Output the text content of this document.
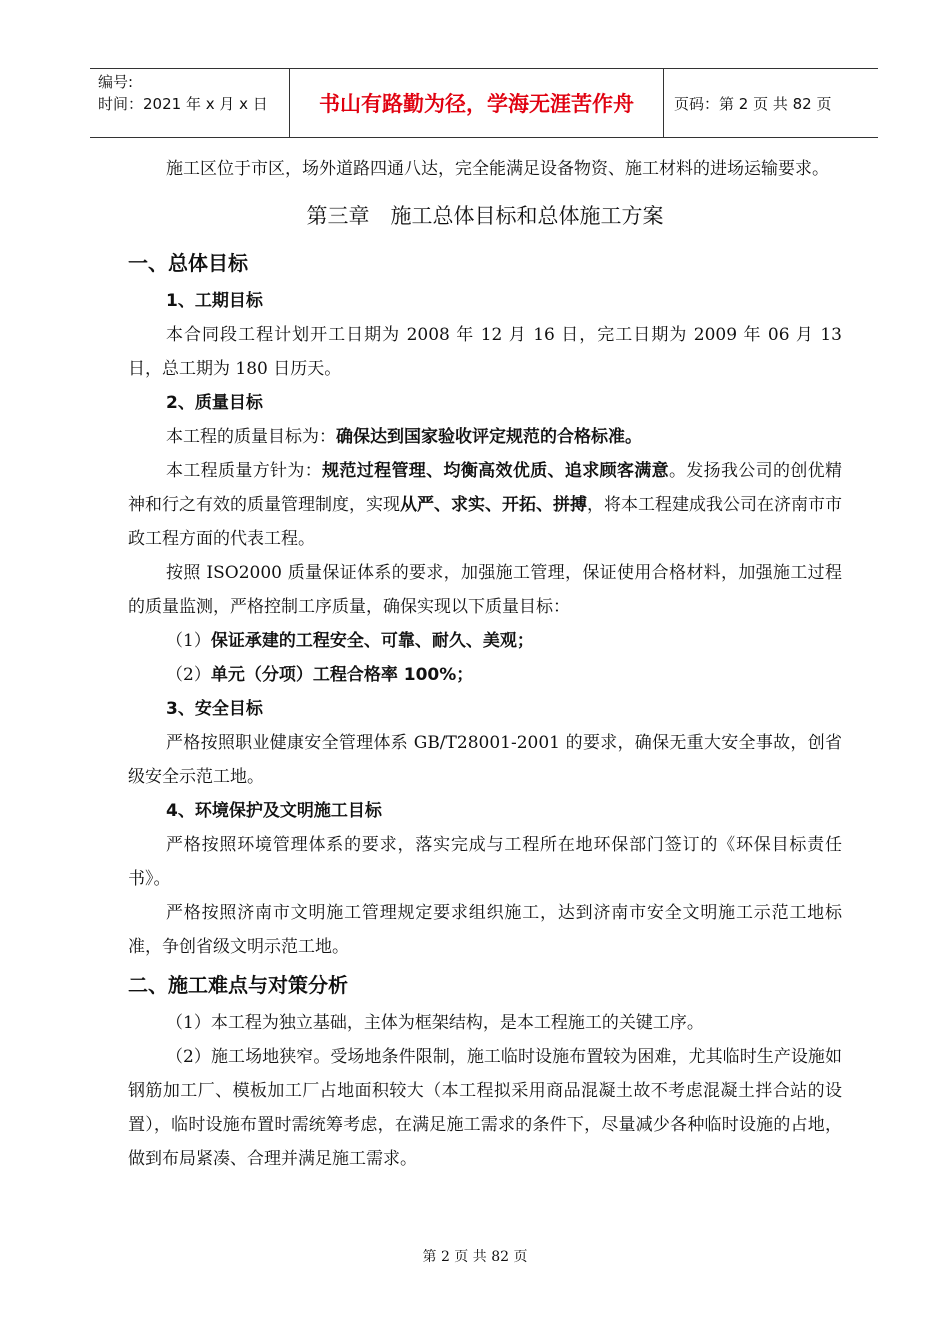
编号:
时间：2021 年 x 月 x 日	书山有路勤为径，学海无涯苦作舟	页码：第 2 页 共 82 页

施工区位于市区，场外道路四通八达，完全能满足设备物资、施工材料的进场运输要求。

第三章　施工总体目标和总体施工方案
一、总体目标
1、工期目标

本合同段工程计划开工日期为 2008 年 12 月 16 日，完工日期为 2009 年 06 月 13 日，总工期为 180 日历天。

2、质量目标

本工程的质量目标为：确保达到国家验收评定规范的合格标准。

本工程质量方针为：规范过程管理、均衡高效优质、追求顾客满意。发扬我公司的创优精神和行之有效的质量管理制度，实现从严、求实、开拓、拼搏，将本工程建成我公司在济南市市政工程方面的代表工程。

按照 ISO2000 质量保证体系的要求，加强施工管理，保证使用合格材料，加强施工过程的质量监测，严格控制工序质量，确保实现以下质量目标：

（1）保证承建的工程安全、可靠、耐久、美观；

（2）单元（分项）工程合格率 100%；

3、安全目标

严格按照职业健康安全管理体系 GB/T28001-2001 的要求，确保无重大安全事故，创省级安全示范工地。

4、环境保护及文明施工目标

严格按照环境管理体系的要求，落实完成与工程所在地环保部门签订的《环保目标责任书》。

严格按照济南市文明施工管理规定要求组织施工，达到济南市安全文明施工示范工地标准，争创省级文明示范工地。

二、施工难点与对策分析

（1）本工程为独立基础，主体为框架结构，是本工程施工的关键工序。

（2）施工场地狭窄。受场地条件限制，施工临时设施布置较为困难，尤其临时生产设施如钢筋加工厂、模板加工厂占地面积较大（本工程拟采用商品混凝土故不考虑混凝土拌合站的设置），临时设施布置时需统筹考虑，在满足施工需求的条件下，尽量减少各种临时设施的占地，做到布局紧凑、合理并满足施工需求。

第 2 页 共 82 页
